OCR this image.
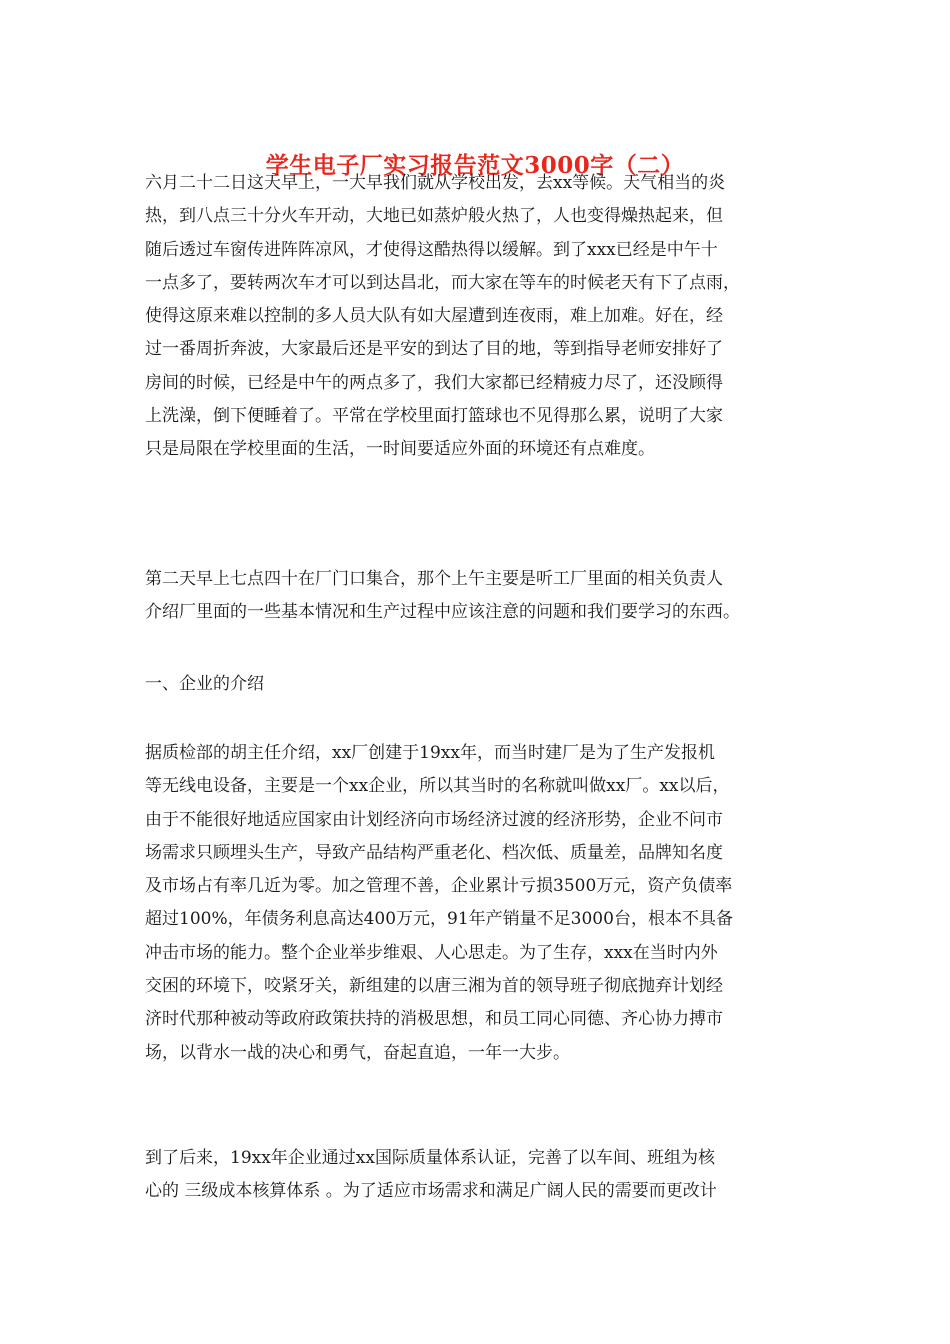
学生电子厂实习报告范文3000字（二）
六月二十二日这天早上，一大早我们就从学校出发，去xx等候。天气相当的炎
热，到八点三十分火车开动，大地已如蒸炉般火热了，人也变得燥热起来，但
随后透过车窗传进阵阵凉风，才使得这酷热得以缓解。到了xxx已经是中午十
一点多了，要转两次车才可以到达昌北，而大家在等车的时候老天有下了点雨，
使得这原来难以控制的多人员大队有如大屋遭到连夜雨，难上加难。好在，经
过一番周折奔波，大家最后还是平安的到达了目的地，等到指导老师安排好了
房间的时候，已经是中午的两点多了，我们大家都已经精疲力尽了，还没顾得
上洗澡，倒下便睡着了。平常在学校里面打篮球也不见得那么累，说明了大家
只是局限在学校里面的生活，一时间要适应外面的环境还有点难度。
第二天早上七点四十在厂门口集合，那个上午主要是听工厂里面的相关负责人
介绍厂里面的一些基本情况和生产过程中应该注意的问题和我们要学习的东西。
一、企业的介绍
据质检部的胡主任介绍，xx厂创建于19xx年，而当时建厂是为了生产发报机
等无线电设备，主要是一个xx企业，所以其当时的名称就叫做xx厂。xx以后，
由于不能很好地适应国家由计划经济向市场经济过渡的经济形势，企业不问市
场需求只顾埋头生产，导致产品结构严重老化、档次低、质量差，品牌知名度
及市场占有率几近为零。加之管理不善，企业累计亏损3500万元，资产负债率
超过100%，年债务利息高达400万元，91年产销量不足3000台，根本不具备
冲击市场的能力。整个企业举步维艰、人心思走。为了生存，xxx在当时内外
交困的环境下，咬紧牙关，新组建的以唐三湘为首的领导班子彻底抛弃计划经
济时代那种被动等政府政策扶持的消极思想，和员工同心同德、齐心协力搏市
场，以背水一战的决心和勇气，奋起直追，一年一大步。
到了后来，19xx年企业通过xx国际质量体系认证，完善了以车间、班组为核
心的 三级成本核算体系 。为了适应市场需求和满足广阔人民的需要而更改计
